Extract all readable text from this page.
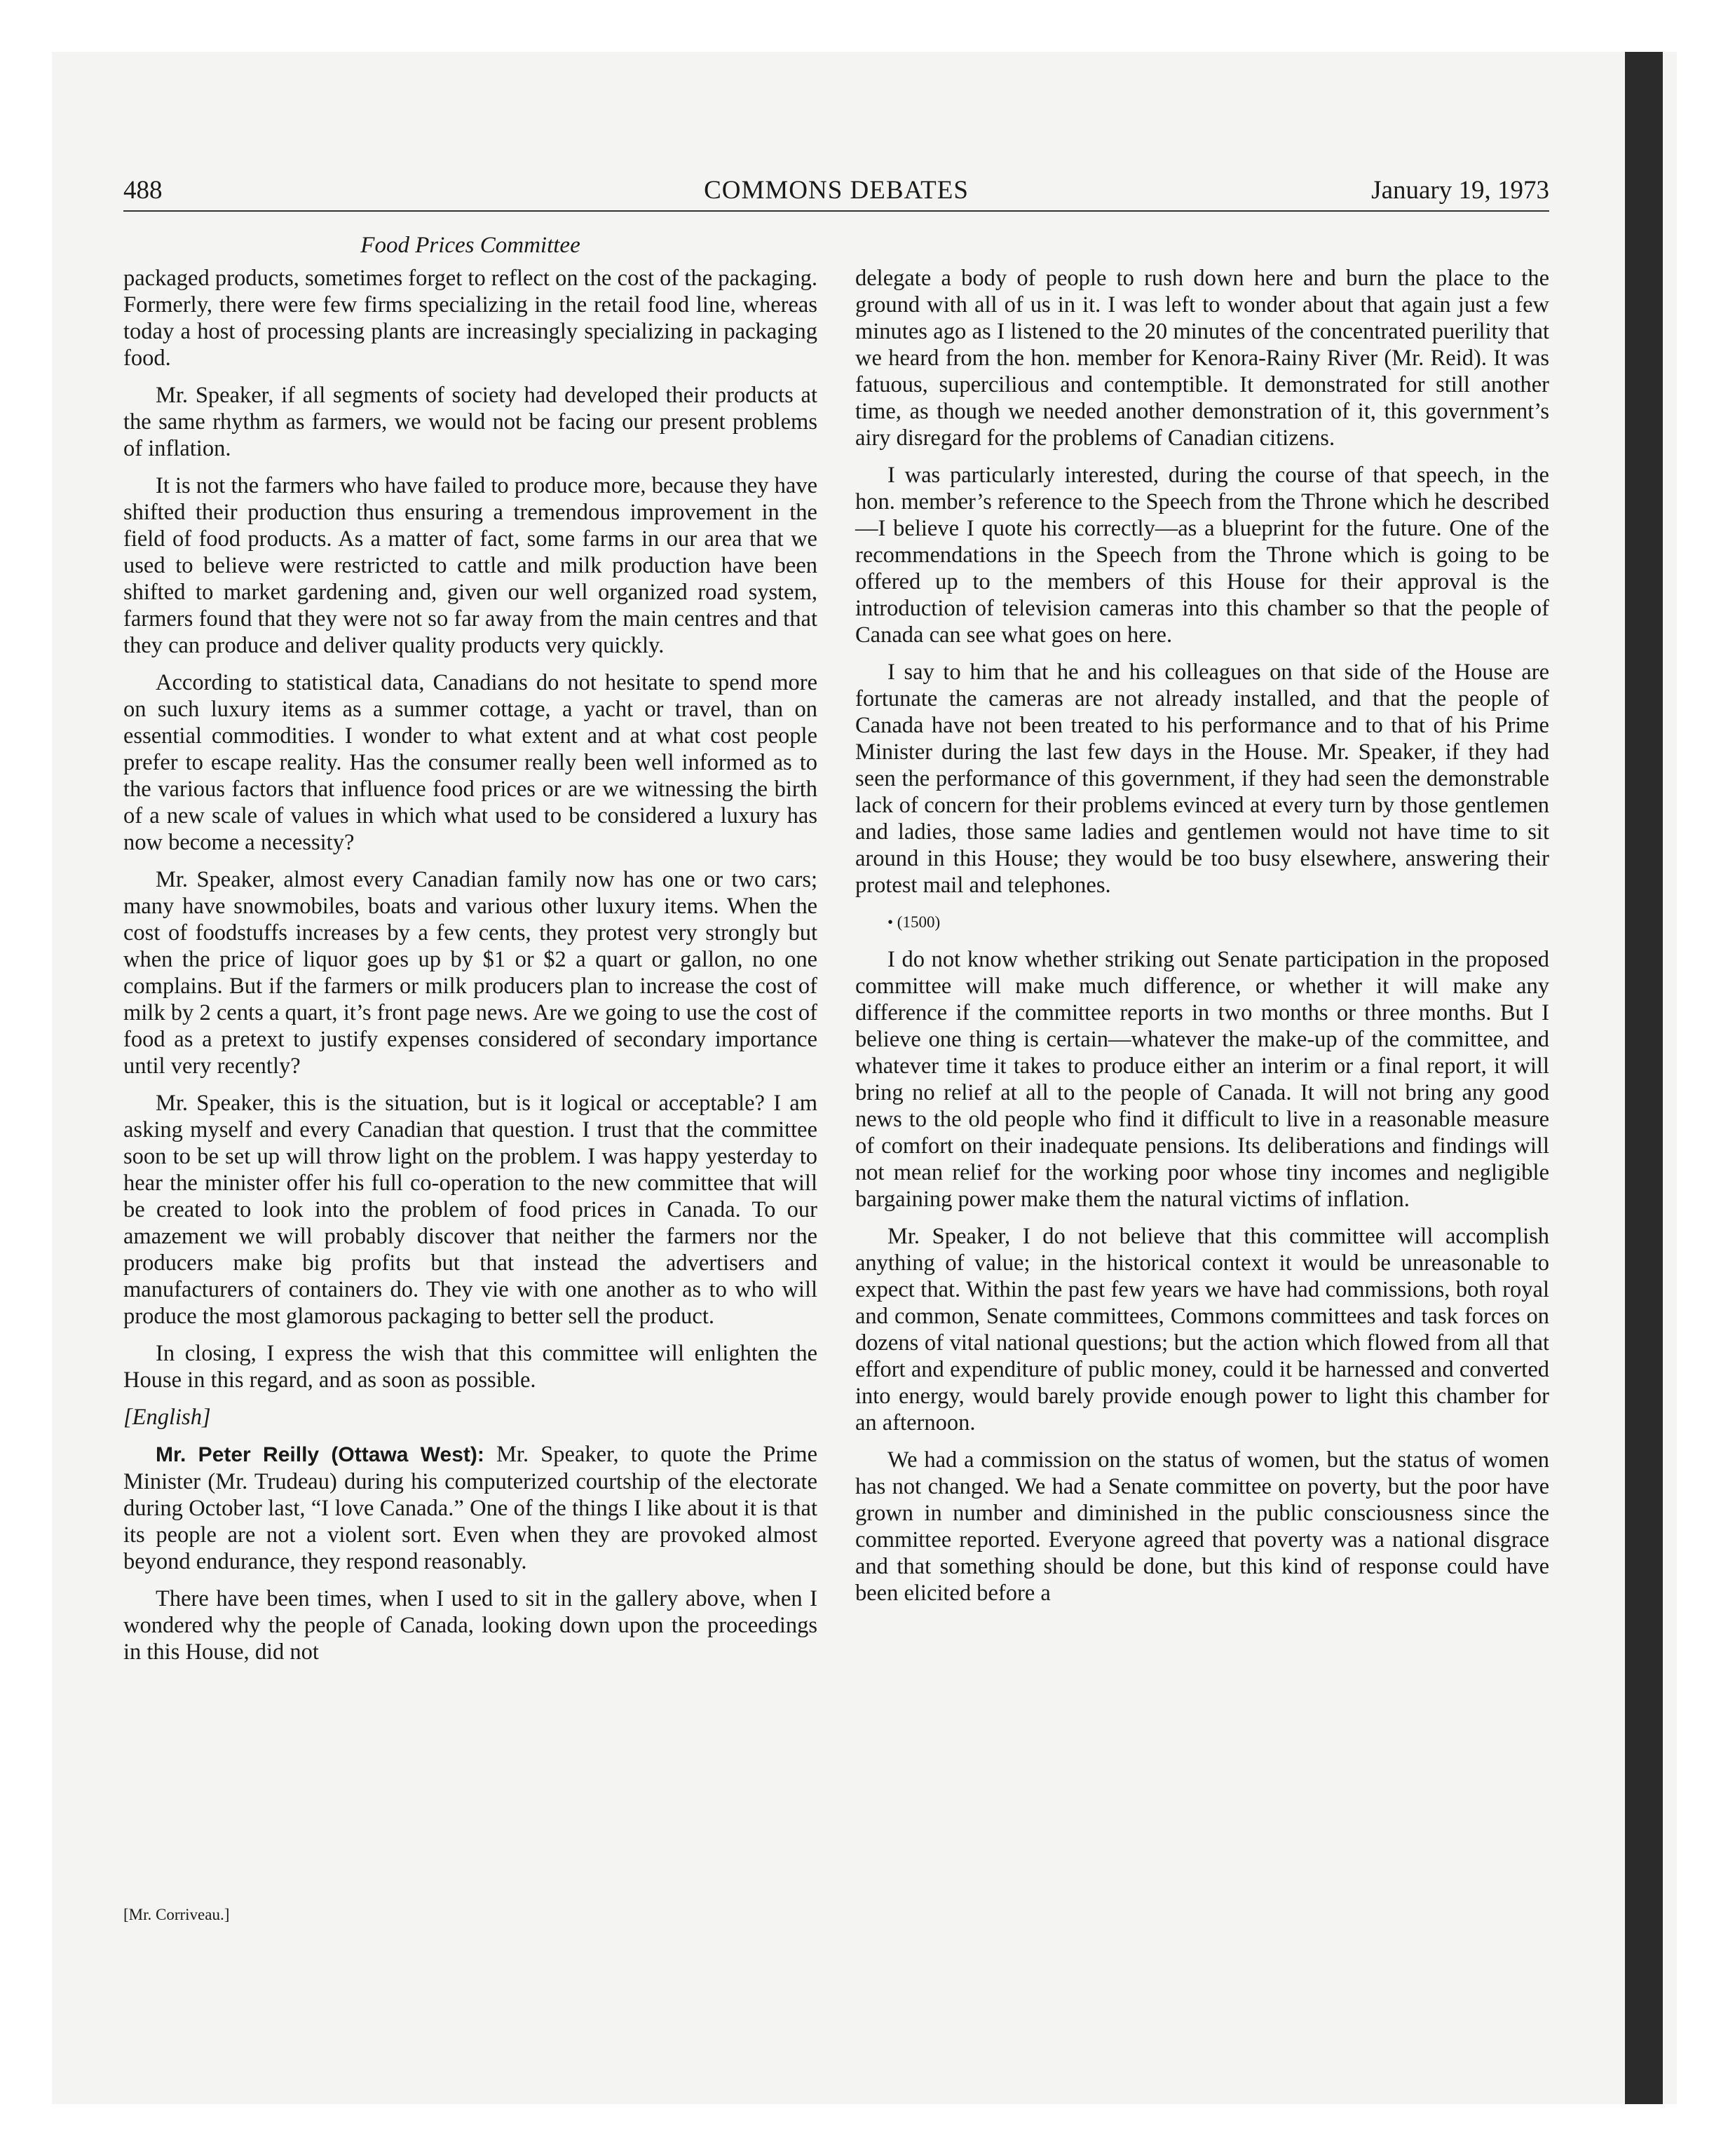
488	COMMONS DEBATES	January 19, 1973
Food Prices Committee

packaged products, sometimes forget to reflect on the cost of the packaging. Formerly, there were few firms specializing in the retail food line, whereas today a host of processing plants are increasingly specializing in packaging food.

Mr. Speaker, if all segments of society had developed their products at the same rhythm as farmers, we would not be facing our present problems of inflation.

It is not the farmers who have failed to produce more, because they have shifted their production thus ensuring a tremendous improvement in the field of food products. As a matter of fact, some farms in our area that we used to believe were restricted to cattle and milk production have been shifted to market gardening and, given our well organized road system, farmers found that they were not so far away from the main centres and that they can produce and deliver quality products very quickly.

According to statistical data, Canadians do not hesitate to spend more on such luxury items as a summer cottage, a yacht or travel, than on essential commodities. I wonder to what extent and at what cost people prefer to escape reality. Has the consumer really been well informed as to the various factors that influence food prices or are we witnessing the birth of a new scale of values in which what used to be considered a luxury has now become a necessity?

Mr. Speaker, almost every Canadian family now has one or two cars; many have snowmobiles, boats and various other luxury items. When the cost of foodstuffs increases by a few cents, they protest very strongly but when the price of liquor goes up by $1 or $2 a quart or gallon, no one complains. But if the farmers or milk producers plan to increase the cost of milk by 2 cents a quart, it’s front page news. Are we going to use the cost of food as a pretext to justify expenses considered of secondary importance until very recently?

Mr. Speaker, this is the situation, but is it logical or acceptable? I am asking myself and every Canadian that question. I trust that the committee soon to be set up will throw light on the problem. I was happy yesterday to hear the minister offer his full co-operation to the new committee that will be created to look into the problem of food prices in Canada. To our amazement we will probably discover that neither the farmers nor the producers make big profits but that instead the advertisers and manufacturers of containers do. They vie with one another as to who will produce the most glamorous packaging to better sell the product.

In closing, I express the wish that this committee will enlighten the House in this regard, and as soon as possible.

[English]

Mr. Peter Reilly (Ottawa West): Mr. Speaker, to quote the Prime Minister (Mr. Trudeau) during his computerized courtship of the electorate during October last, “I love Canada.” One of the things I like about it is that its people are not a violent sort. Even when they are provoked almost beyond endurance, they respond reasonably.

There have been times, when I used to sit in the gallery above, when I wondered why the people of Canada, looking down upon the proceedings in this House, did not

[Mr. Corriveau.]

delegate a body of people to rush down here and burn the place to the ground with all of us in it. I was left to wonder about that again just a few minutes ago as I listened to the 20 minutes of the concentrated puerility that we heard from the hon. member for Kenora-Rainy River (Mr. Reid). It was fatuous, supercilious and contemptible. It demonstrated for still another time, as though we needed another demonstration of it, this government’s airy disregard for the problems of Canadian citizens.

I was particularly interested, during the course of that speech, in the hon. member’s reference to the Speech from the Throne which he described—I believe I quote his correctly—as a blueprint for the future. One of the recommendations in the Speech from the Throne which is going to be offered up to the members of this House for their approval is the introduction of television cameras into this chamber so that the people of Canada can see what goes on here.

I say to him that he and his colleagues on that side of the House are fortunate the cameras are not already installed, and that the people of Canada have not been treated to his performance and to that of his Prime Minister during the last few days in the House. Mr. Speaker, if they had seen the performance of this government, if they had seen the demonstrable lack of concern for their problems evinced at every turn by those gentlemen and ladies, those same ladies and gentlemen would not have time to sit around in this House; they would be too busy elsewhere, answering their protest mail and telephones.

• (1500)

I do not know whether striking out Senate participation in the proposed committee will make much difference, or whether it will make any difference if the committee reports in two months or three months. But I believe one thing is certain—whatever the make-up of the committee, and whatever time it takes to produce either an interim or a final report, it will bring no relief at all to the people of Canada. It will not bring any good news to the old people who find it difficult to live in a reasonable measure of comfort on their inadequate pensions. Its deliberations and findings will not mean relief for the working poor whose tiny incomes and negligible bargaining power make them the natural victims of inflation.

Mr. Speaker, I do not believe that this committee will accomplish anything of value; in the historical context it would be unreasonable to expect that. Within the past few years we have had commissions, both royal and common, Senate committees, Commons committees and task forces on dozens of vital national questions; but the action which flowed from all that effort and expenditure of public money, could it be harnessed and converted into energy, would barely provide enough power to light this chamber for an afternoon.

We had a commission on the status of women, but the status of women has not changed. We had a Senate committee on poverty, but the poor have grown in number and diminished in the public consciousness since the committee reported. Everyone agreed that poverty was a national disgrace and that something should be done, but this kind of response could have been elicited before a
